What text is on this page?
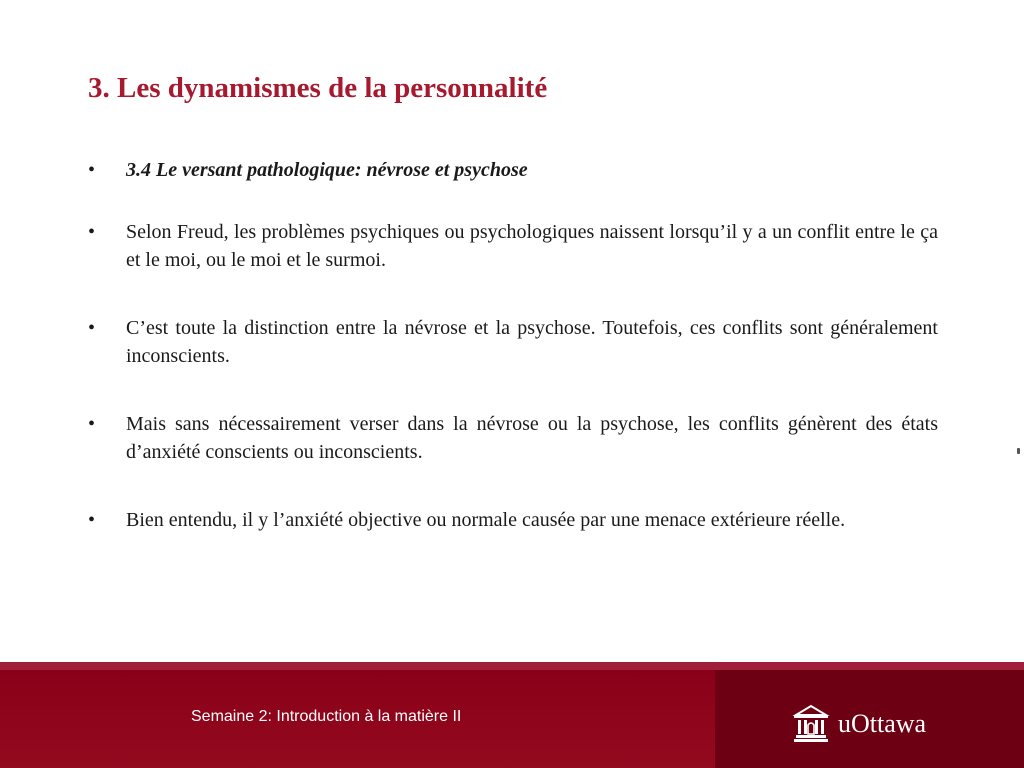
3. Les dynamismes de la personnalité
• 3.4 Le versant pathologique: névrose et psychose
• Selon Freud, les problèmes psychiques ou psychologiques naissent lorsqu’il y a un conflit entre le ça et le moi, ou le moi et le surmoi.
• C’est toute la distinction entre la névrose et la psychose. Toutefois, ces conflits sont généralement inconscients.
• Mais sans nécessairement verser dans la névrose ou la psychose, les conflits génèrent des états d’anxiété conscients ou inconscients.
• Bien entendu, il y l’anxiété objective ou normale causée par une menace extérieure réelle.
Semaine 2: Introduction à la matière II	uOttawa
